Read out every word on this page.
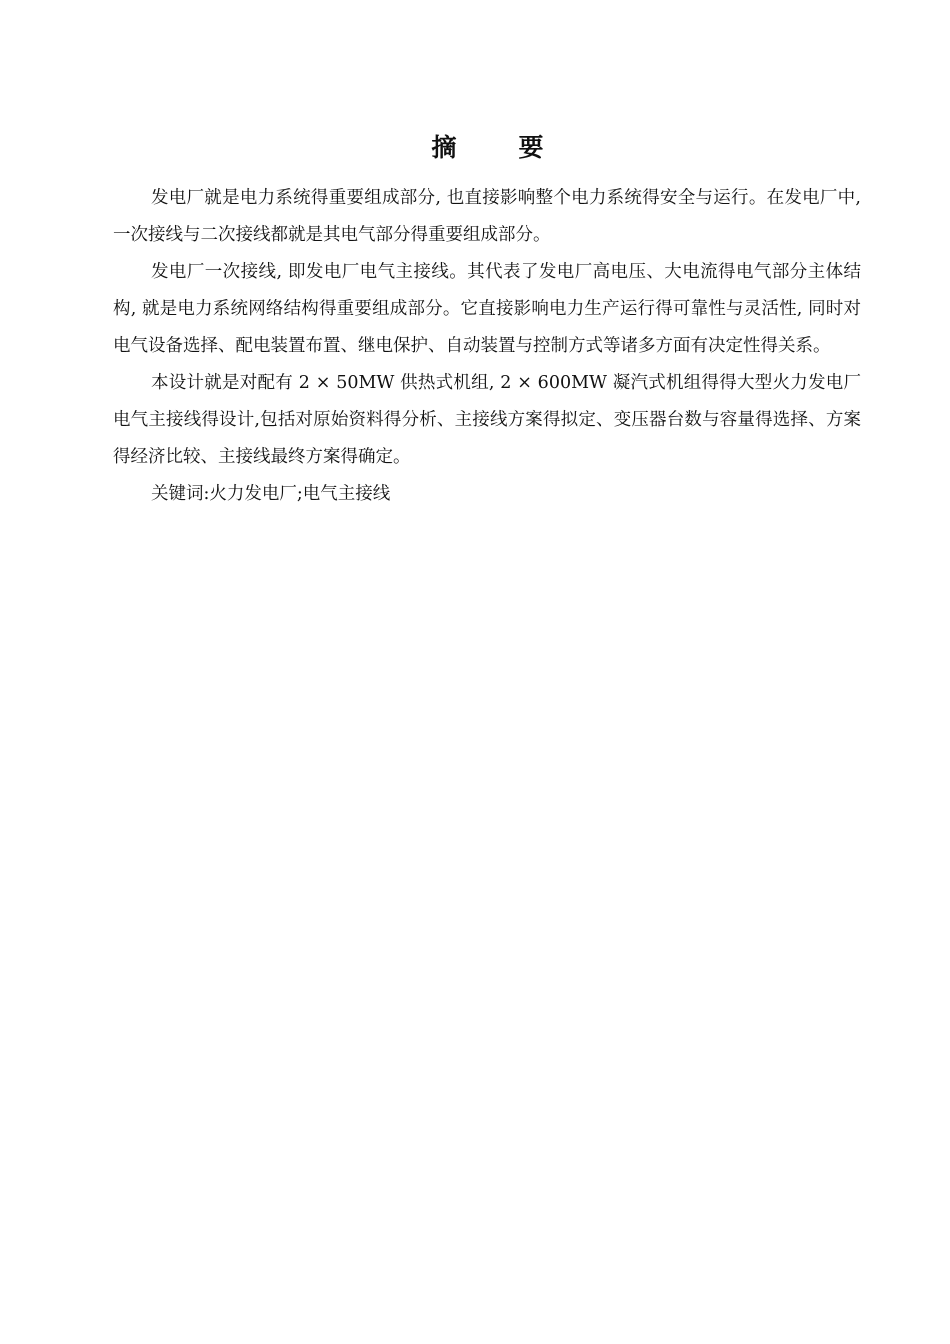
摘 要

发电厂就是电力系统得重要组成部分, 也直接影响整个电力系统得安全与运行。在发电厂中, 一次接线与二次接线都就是其电气部分得重要组成部分。

发电厂一次接线, 即发电厂电气主接线。其代表了发电厂高电压、大电流得电气部分主体结构, 就是电力系统网络结构得重要组成部分。它直接影响电力生产运行得可靠性与灵活性, 同时对电气设备选择、配电装置布置、继电保护、自动装置与控制方式等诸多方面有决定性得关系。

本设计就是对配有 2 × 50MW 供热式机组, 2 × 600MW 凝汽式机组得得大型火力发电厂电气主接线得设计,包括对原始资料得分析、主接线方案得拟定、变压器台数与容量得选择、方案得经济比较、主接线最终方案得确定。

关键词:火力发电厂;电气主接线
